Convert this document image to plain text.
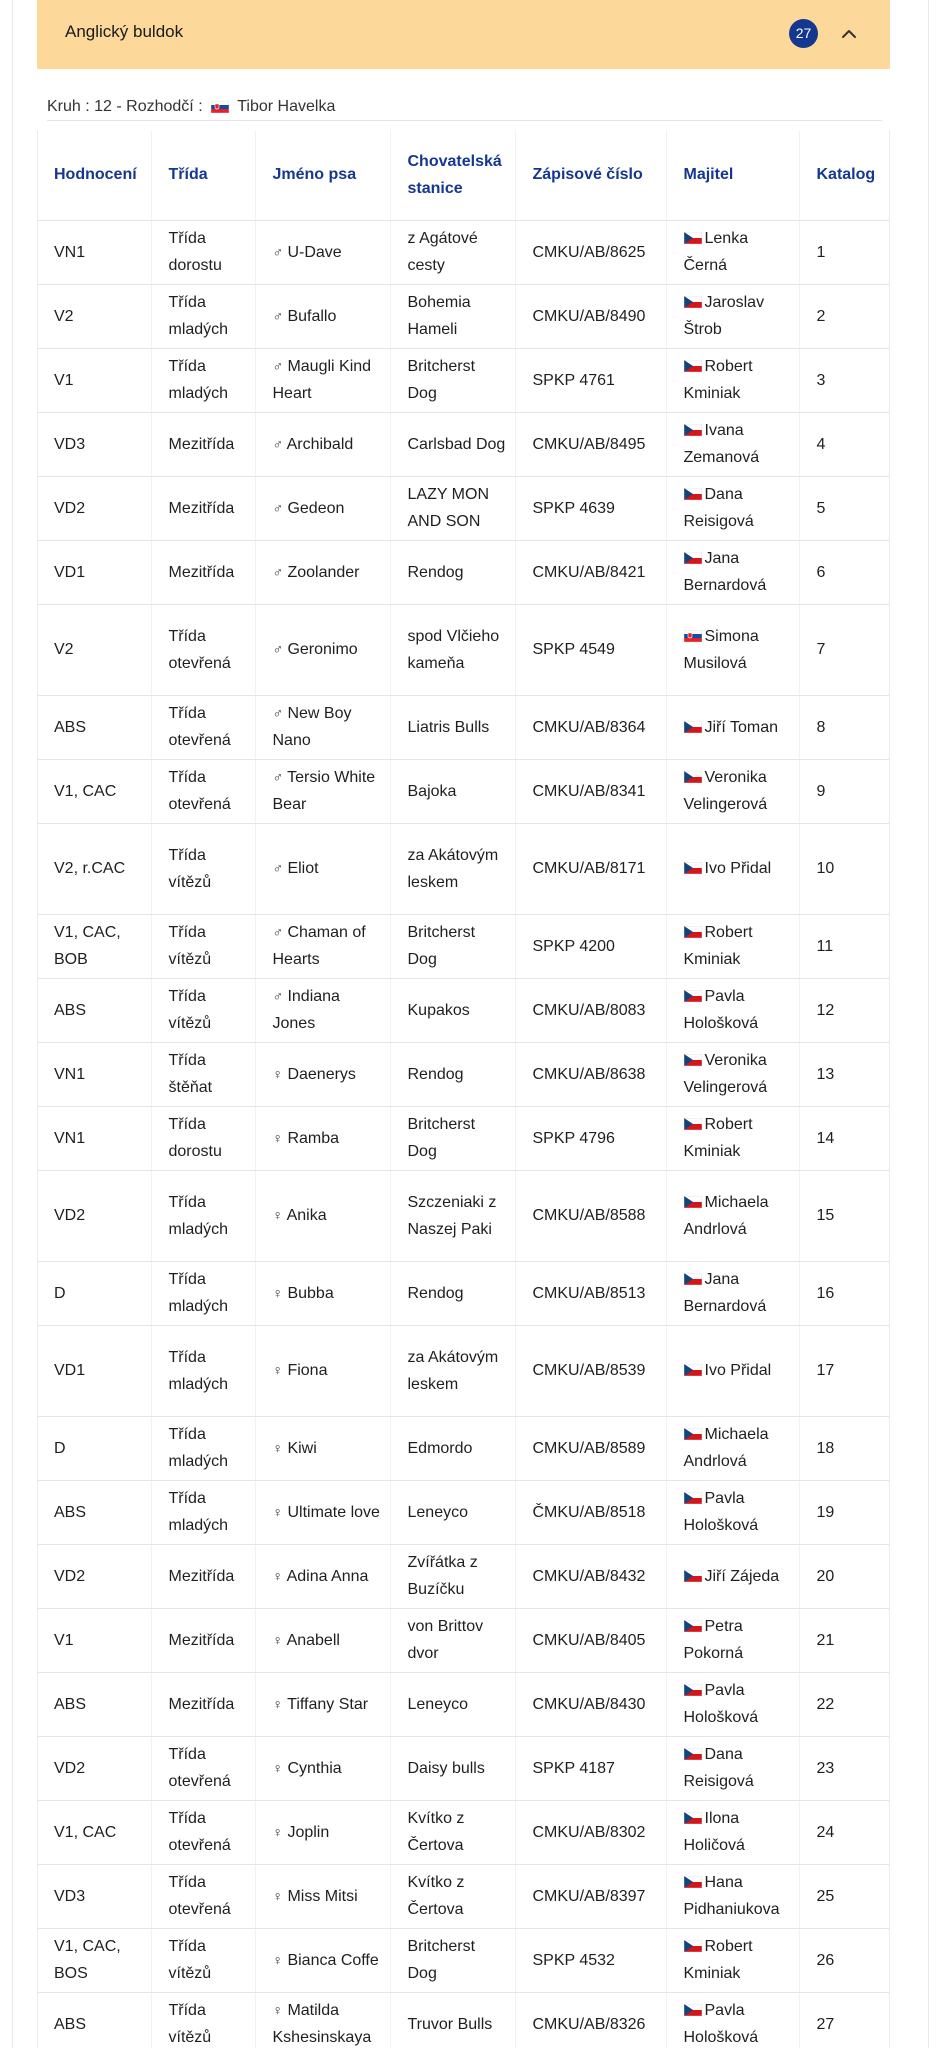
Anglický buldok	27
Kruh : 12 - Rozhodčí : Tibor Havelka
Hodnocení	Třída	Jméno psa	Chovatelská stanice	Zápisové číslo	Majitel	Katalog
VN1	Třída dorostu	♂ U-Dave	z Agátové cesty	CMKU/AB/8625	Lenka Černá	1
V2	Třída mladých	♂ Bufallo	Bohemia Hameli	CMKU/AB/8490	Jaroslav Štrob	2
V1	Třída mladých	♂ Maugli Kind Heart	Britcherst Dog	SPKP 4761	Robert Kminiak	3
VD3	Mezitřída	♂ Archibald	Carlsbad Dog	CMKU/AB/8495	Ivana Zemanová	4
VD2	Mezitřída	♂ Gedeon	LAZY MON AND SON	SPKP 4639	Dana Reisigová	5
VD1	Mezitřída	♂ Zoolander	Rendog	CMKU/AB/8421	Jana Bernardová	6
V2	Třída otevřená	♂ Geronimo	spod Vlčieho kameňa	SPKP 4549	Simona Musilová	7
ABS	Třída otevřená	♂ New Boy Nano	Liatris Bulls	CMKU/AB/8364	Jiří Toman	8
V1, CAC	Třída otevřená	♂ Tersio White Bear	Bajoka	CMKU/AB/8341	Veronika Velingerová	9
V2, r.CAC	Třída vítězů	♂ Eliot	za Akátovým leskem	CMKU/AB/8171	Ivo Přidal	10
V1, CAC, BOB	Třída vítězů	♂ Chaman of Hearts	Britcherst Dog	SPKP 4200	Robert Kminiak	11
ABS	Třída vítězů	♂ Indiana Jones	Kupakos	CMKU/AB/8083	Pavla Hološková	12
VN1	Třída štěňat	♀ Daenerys	Rendog	CMKU/AB/8638	Veronika Velingerová	13
VN1	Třída dorostu	♀ Ramba	Britcherst Dog	SPKP 4796	Robert Kminiak	14
VD2	Třída mladých	♀ Anika	Szczeniaki z Naszej Paki	CMKU/AB/8588	Michaela Andrlová	15
D	Třída mladých	♀ Bubba	Rendog	CMKU/AB/8513	Jana Bernardová	16
VD1	Třída mladých	♀ Fiona	za Akátovým leskem	CMKU/AB/8539	Ivo Přidal	17
D	Třída mladých	♀ Kiwi	Edmordo	CMKU/AB/8589	Michaela Andrlová	18
ABS	Třída mladých	♀ Ultimate love	Leneyco	ČMKU/AB/8518	Pavla Hološková	19
VD2	Mezitřída	♀ Adina Anna	Zvířátka z Buzíčku	CMKU/AB/8432	Jiří Zájeda	20
V1	Mezitřída	♀ Anabell	von Brittov dvor	CMKU/AB/8405	Petra Pokorná	21
ABS	Mezitřída	♀ Tiffany Star	Leneyco	CMKU/AB/8430	Pavla Hološková	22
VD2	Třída otevřená	♀ Cynthia	Daisy bulls	SPKP 4187	Dana Reisigová	23
V1, CAC	Třída otevřená	♀ Joplin	Kvítko z Čertova	CMKU/AB/8302	Ilona Holičová	24
VD3	Třída otevřená	♀ Miss Mitsi	Kvítko z Čertova	CMKU/AB/8397	Hana Pidhaniukova	25
V1, CAC, BOS	Třída vítězů	♀ Bianca Coffe	Britcherst Dog	SPKP 4532	Robert Kminiak	26
ABS	Třída vítězů	♀ Matilda Kshesinskaya	Truvor Bulls	CMKU/AB/8326	Pavla Hološková	27
